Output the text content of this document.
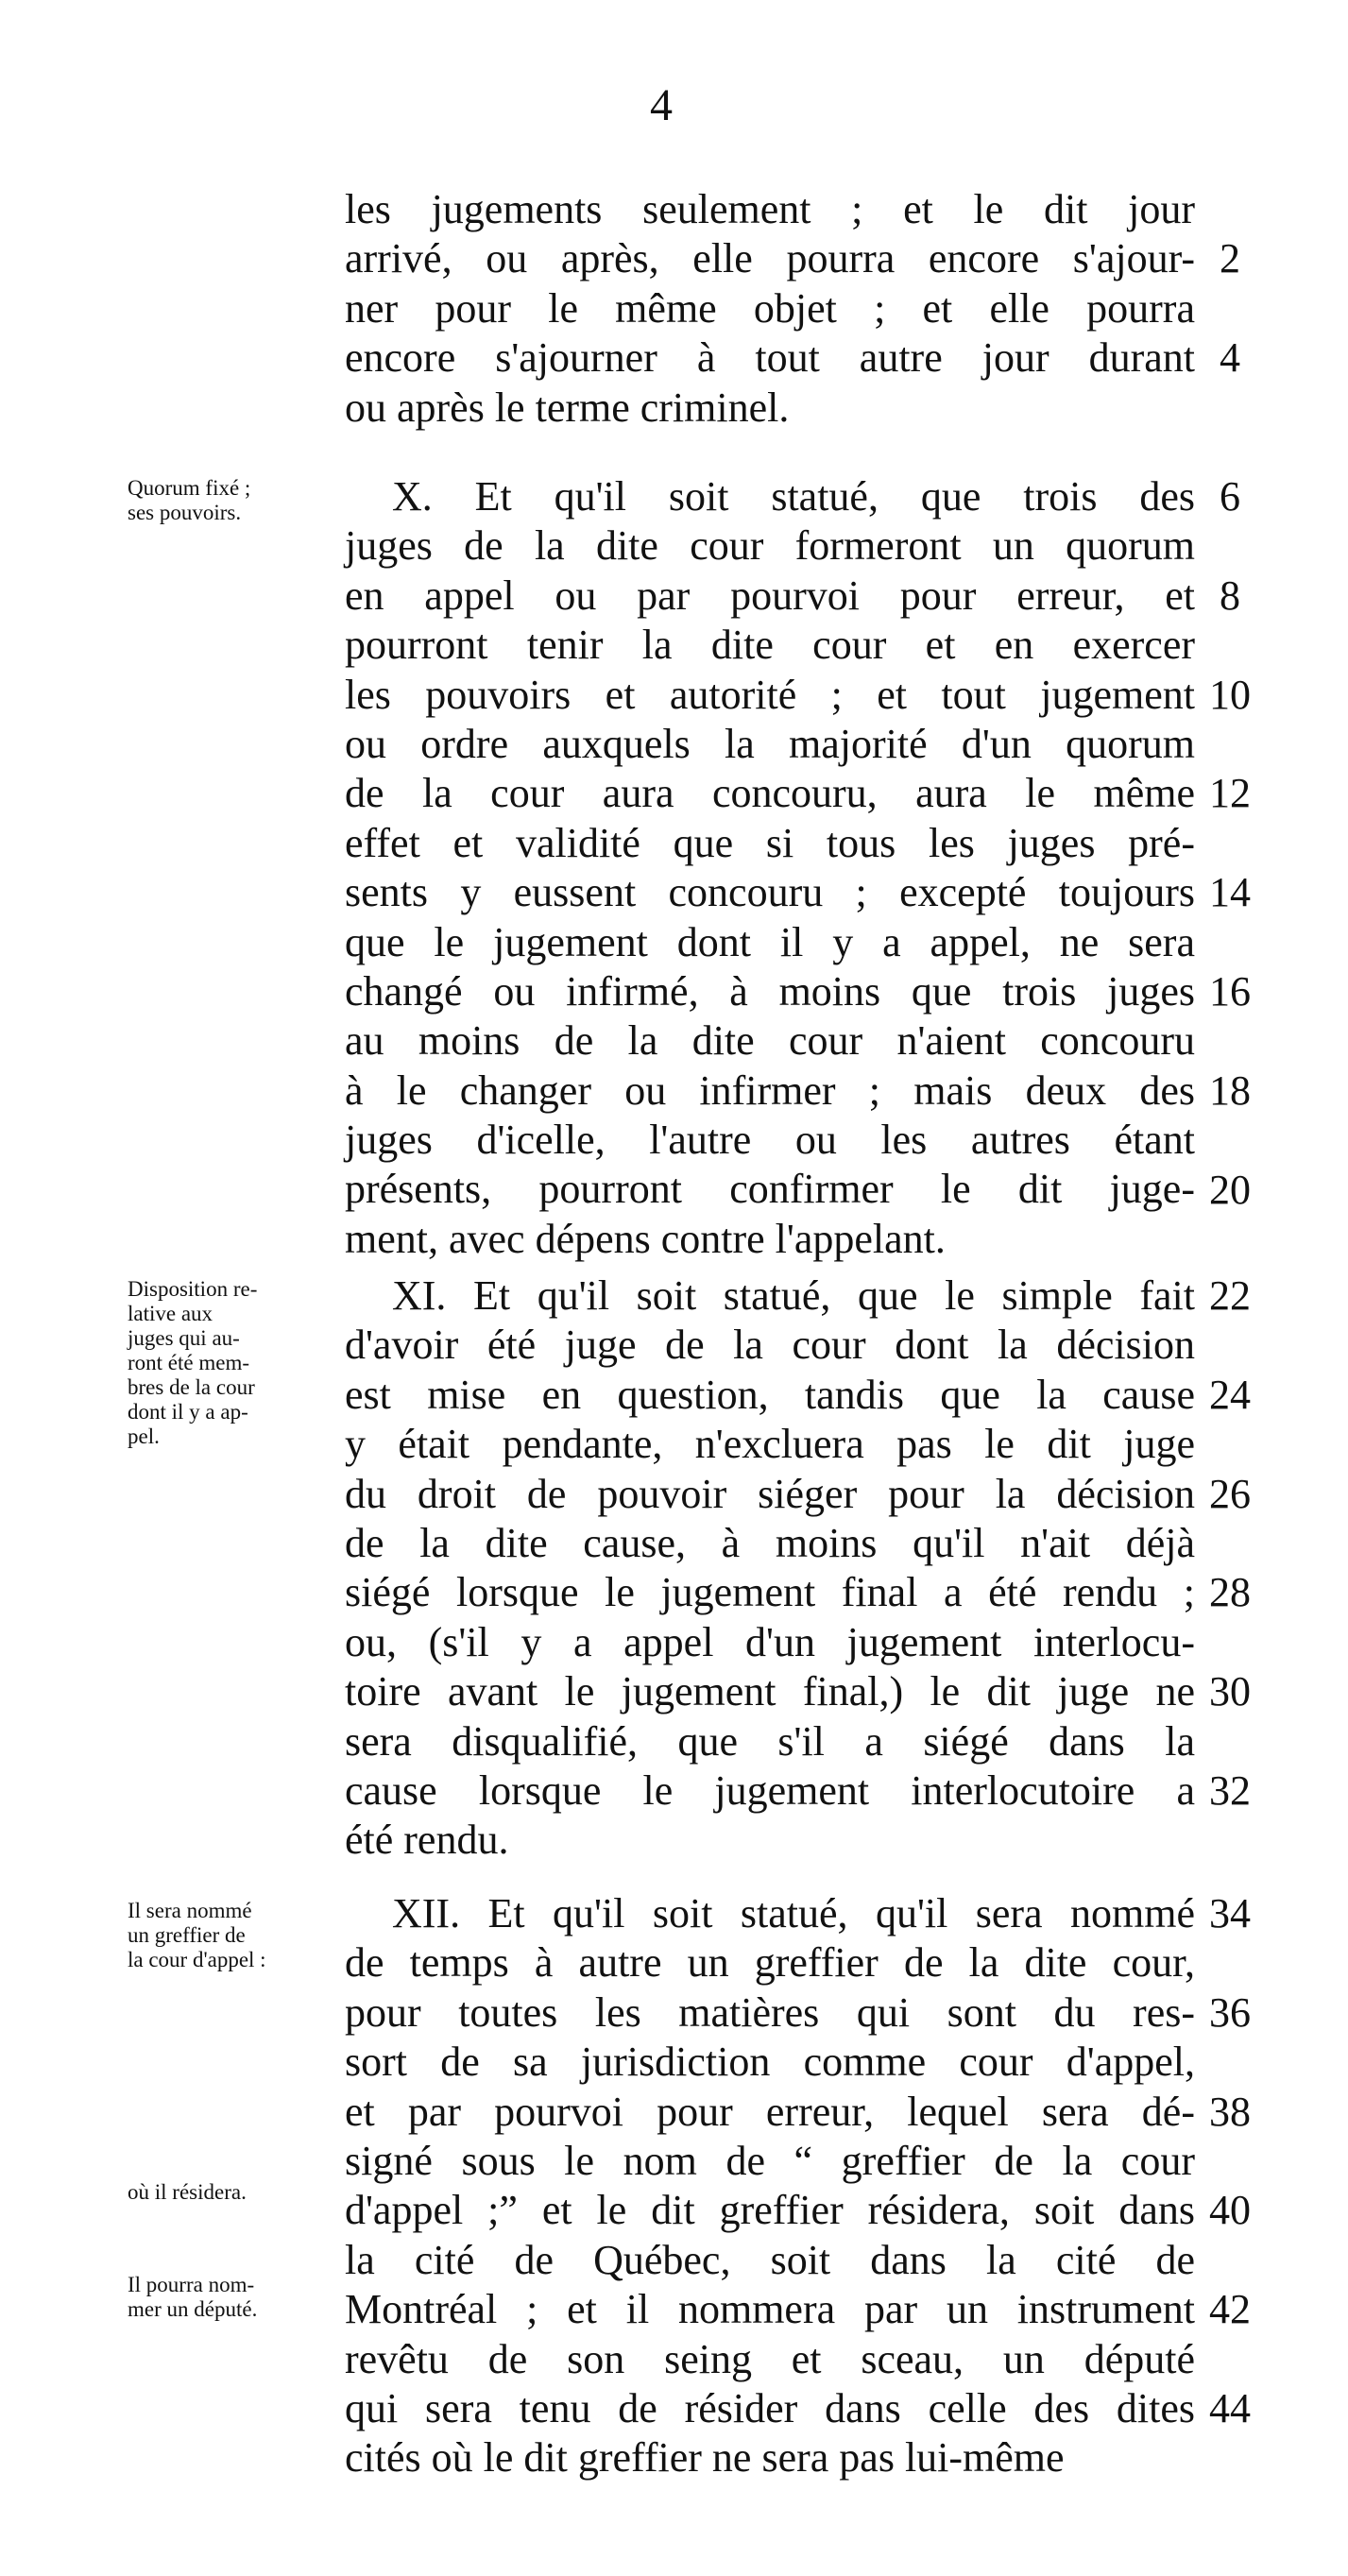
4
les jugements seulement ; et le dit jour
arrivé, ou après, elle pourra encore s'ajour-
ner pour le même objet ; et elle pourra
encore s'ajourner à tout autre jour durant
ou après le terme criminel.
2
4
Quorum fixé ;
ses pouvoirs.	X. Et qu'il soit statué, que trois des
juges de la dite cour formeront un quorum
en appel ou par pourvoi pour erreur, et
pourront tenir la dite cour et en exercer
les pouvoirs et autorité ; et tout jugement
ou ordre auxquels la majorité d'un quorum
de la cour aura concouru, aura le même
effet et validité que si tous les juges pré-
sents y eussent concouru ; excepté toujours
que le jugement dont il y a appel, ne sera
changé ou infirmé, à moins que trois juges
au moins de la dite cour n'aient concouru
à le changer ou infirmer ; mais deux des
juges d'icelle, l'autre ou les autres étant
présents, pourront confirmer le dit juge-
ment, avec dépens contre l'appelant.
6
8
10
12
14
16
18
20
Disposition re-
lative aux
juges qui au-
ront été mem-
bres de la cour
dont il y a ap-
pel.
XI. Et qu'il soit statué, que le simple fait
d'avoir été juge de la cour dont la décision
est mise en question, tandis que la cause
y était pendante, n'excluera pas le dit juge
du droit de pouvoir siéger pour la décision
de la dite cause, à moins qu'il n'ait déjà
siégé lorsque le jugement final a été rendu ;
ou, (s'il y a appel d'un jugement interlocu-
toire avant le jugement final,) le dit juge ne
sera disqualifié, que s'il a siégé dans la
cause lorsque le jugement interlocutoire a
été rendu.
22
24
26
28
30
32
Il sera nommé
un greffier de
la cour d'appel :
où il résidera.
Il pourra nom-
mer un député.
XII. Et qu'il soit statué, qu'il sera nommé
de temps à autre un greffier de la dite cour,
pour toutes les matières qui sont du res-
sort de sa jurisdiction comme cour d'appel,
et par pourvoi pour erreur, lequel sera dé-
signé sous le nom de “ greffier de la cour
d'appel ;” et le dit greffier résidera, soit dans
la cité de Québec, soit dans la cité de
Montréal ; et il nommera par un instrument
revêtu de son seing et sceau, un député
qui sera tenu de résider dans celle des dites
cités où le dit greffier ne sera pas lui-même
34
36
38
40
42
44
